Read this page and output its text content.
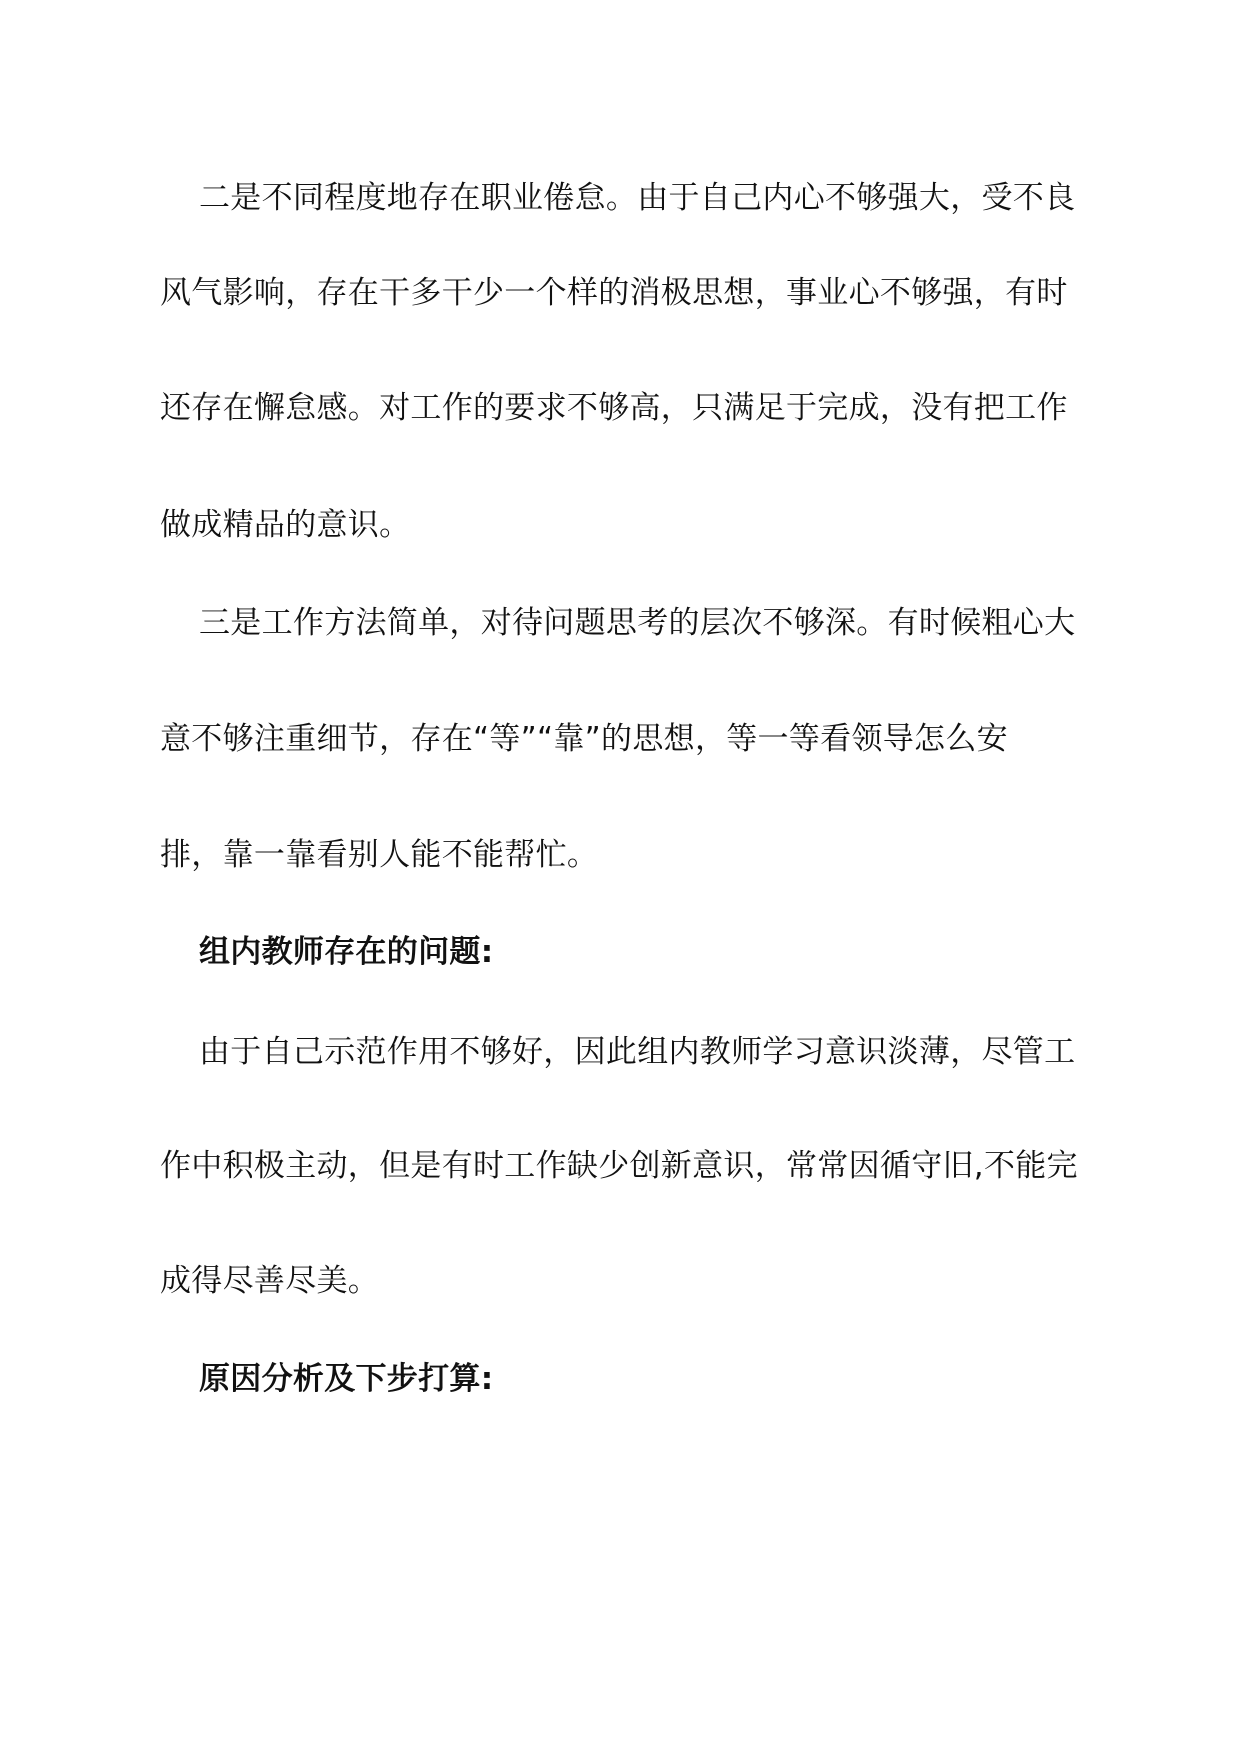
二是不同程度地存在职业倦怠。由于自己内心不够强大，受不良
风气影响，存在干多干少一个样的消极思想，事业心不够强，有时
还存在懈怠感。对工作的要求不够高，只满足于完成，没有把工作
做成精品的意识。
三是工作方法简单，对待问题思考的层次不够深。有时候粗心大
意不够注重细节，存在“等”“靠”的思想，等一等看领导怎么安
排，靠一靠看别人能不能帮忙。
组内教师存在的问题:
由于自己示范作用不够好，因此组内教师学习意识淡薄，尽管工
作中积极主动，但是有时工作缺少创新意识，常常因循守旧,不能完
成得尽善尽美。
原因分析及下步打算:
